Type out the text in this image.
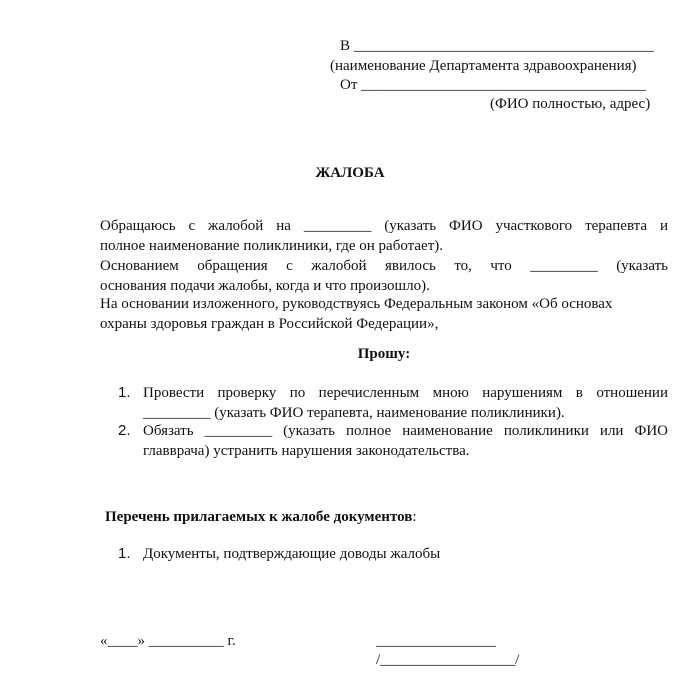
В ________________________________________
(наименование Департамента здравоохранения)
От ______________________________________
(ФИО полностью, адрес)
ЖАЛОБА
Обращаюсь с жалобой на _________ (указать ФИО участкового терапевта и
полное наименование поликлиники, где он работает).
Основанием обращения с жалобой явилось то, что _________ (указать
основания подачи жалобы, когда и что произошло).
На основании изложенного, руководствуясь Федеральным законом «Об основах
охраны здоровья граждан в Российской Федерации»,
Прошу:
1. Провести проверку по перечисленным мною нарушениям в отношении
_________ (указать ФИО терапевта, наименование поликлиники).
2. Обязать _________ (указать полное наименование поликлиники или ФИО
главврача) устранить нарушения законодательства.
Перечень прилагаемых к жалобе документов:
1. Документы, подтверждающие доводы жалобы
«____» __________ г.	________________
/__________________/
